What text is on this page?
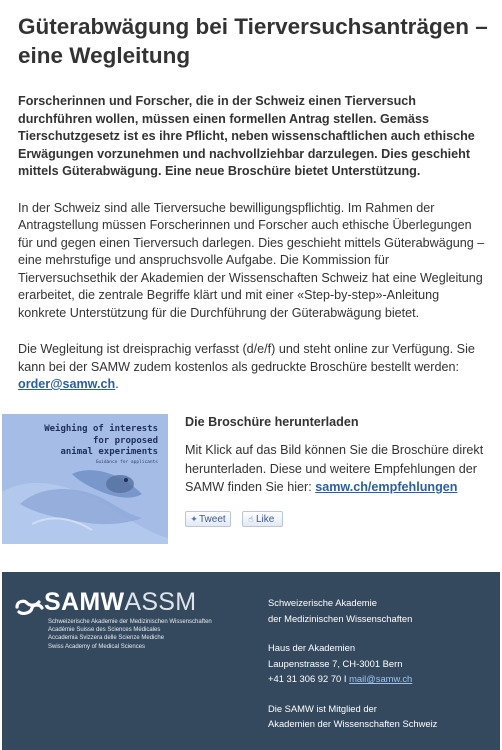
Güterabwägung bei Tierversuchsanträgen – eine Wegleitung

Forscherinnen und Forscher, die in der Schweiz einen Tierversuch durchführen wollen, müssen einen formellen Antrag stellen. Gemäss Tierschutzgesetz ist es ihre Pflicht, neben wissenschaftlichen auch ethische Erwägungen vorzunehmen und nachvollziehbar darzulegen. Dies geschieht mittels Güterabwägung. Eine neue Broschüre bietet Unterstützung.

In der Schweiz sind alle Tierversuche bewilligungspflichtig. Im Rahmen der Antragstellung müssen Forscherinnen und Forscher auch ethische Überlegungen für und gegen einen Tierversuch darlegen. Dies geschieht mittels Güterabwägung – eine mehrstufige und anspruchsvolle Aufgabe. Die Kommission für Tierversuchsethik der Akademien der Wissenschaften Schweiz hat eine Wegleitung erarbeitet, die zentrale Begriffe klärt und mit einer «Step-by-step»-Anleitung konkrete Unterstützung für die Durchführung der Güterabwägung bietet.

Die Wegleitung ist dreisprachig verfasst (d/e/f) und steht online zur Verfügung. Sie kann bei der SAMW zudem kostenlos als gedruckte Broschüre bestellt werden:
order@samw.ch.

Weighing of interests
for proposed
animal experiments
Guidance for applicants
Die Broschüre herunterladen

Mit Klick auf das Bild können Sie die Broschüre direkt herunterladen. Diese und weitere Empfehlungen der SAMW finden Sie hier: samw.ch/empfehlungen

✦Tweet	☝ Like
SAMWASSM
Schweizerische Akademie der Medizinischen Wissenschaften
Académie Suisse des Sciences Médicales
Accademia Svizzera delle Scienze Mediche
Swiss Academy of Medical Sciences

Schweizerische Akademie
der Medizinischen Wissenschaften

Haus der Akademien
Laupenstrasse 7, CH-3001 Bern
+41 31 306 92 70 I mail@samw.ch

Die SAMW ist Mitglied der
Akademien der Wissenschaften Schweiz
